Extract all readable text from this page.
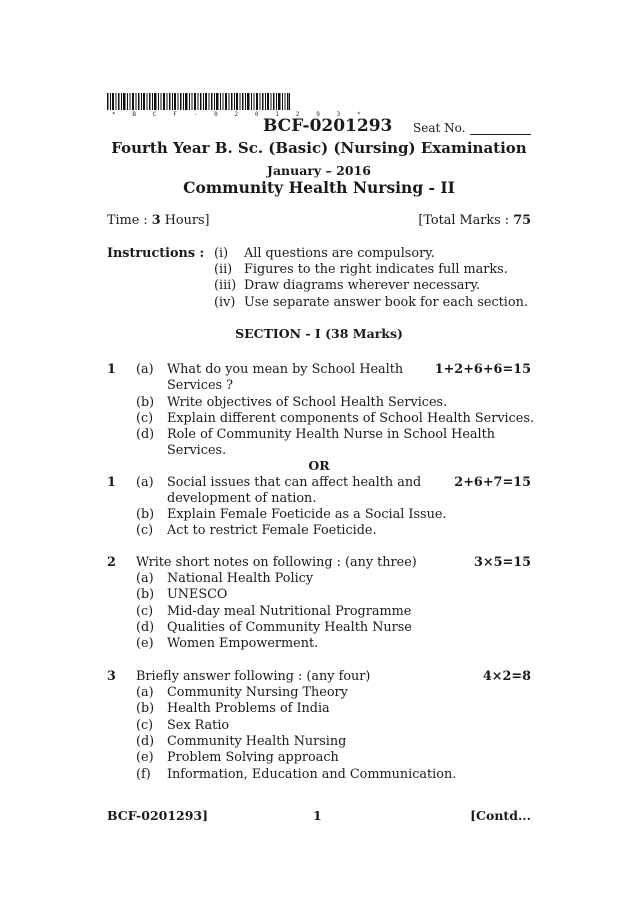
* B C F - 0 2 0 1 2 9 3 *
BCF-0201293 Seat No.
Fourth Year B. Sc. (Basic) (Nursing) Examination
January – 2016
Community Health Nursing - II
Time : 3 Hours]	[Total Marks : 75
Instructions : (i) All questions are compulsory.
(ii) Figures to the right indicates full marks.
(iii) Draw diagrams wherever necessary.
(iv) Use separate answer book for each section.
SECTION - I (38 Marks)
1 (a) What do you mean by School Health 1+2+6+6=15
Services ?
(b) Write objectives of School Health Services.
(c) Explain different components of School Health Services.
(d) Role of Community Health Nurse in School Health
Services.
OR
1 (a) Social issues that can affect health and	2+6+7=15
development of nation.
(b) Explain Female Foeticide as a Social Issue.
(c) Act to restrict Female Foeticide.
2 Write short notes on following : (any three)	3×5=15
(a) National Health Policy
(b) UNESCO
(c) Mid-day meal Nutritional Programme
(d) Qualities of Community Health Nurse
(e) Women Empowerment.
3 Briefly answer following : (any four)	4×2=8
(a) Community Nursing Theory
(b) Health Problems of India
(c) Sex Ratio
(d) Community Health Nursing
(e) Problem Solving approach
(f) Information, Education and Communication.
BCF-0201293]	1	[Contd...
